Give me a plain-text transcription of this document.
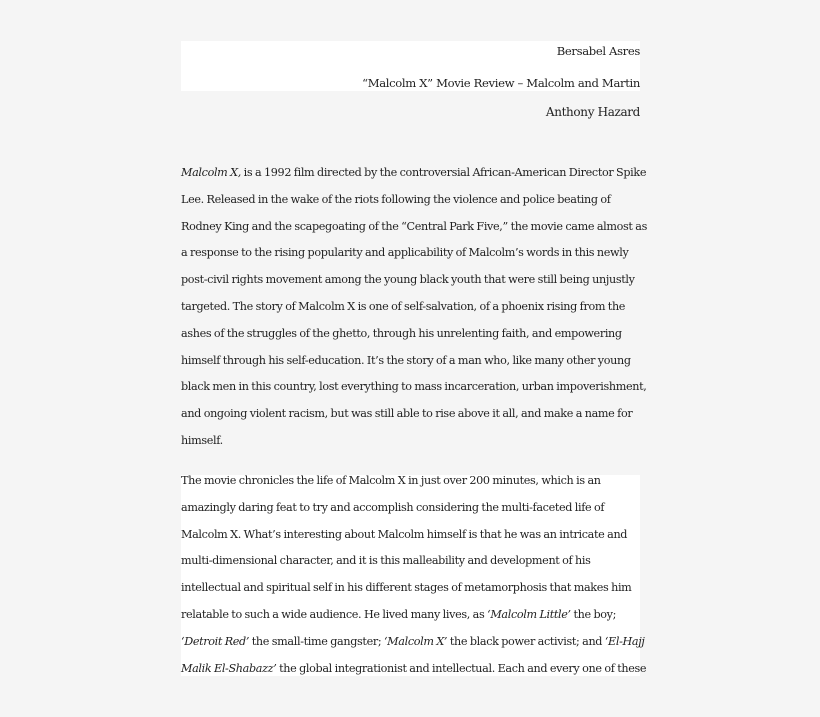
Bersabel Asres
“Malcolm X” Movie Review – Malcolm and Martin
Anthony Hazard
Malcolm X, is a 1992 film directed by the controversial African-American Director Spike
Lee. Released in the wake of the riots following the violence and police beating of
Rodney King and the scapegoating of the “Central Park Five,” the movie came almost as
a response to the rising popularity and applicability of Malcolm’s words in this newly
post-civil rights movement among the young black youth that were still being unjustly
targeted. The story of Malcolm X is one of self-salvation, of a phoenix rising from the
ashes of the struggles of the ghetto, through his unrelenting faith, and empowering
himself through his self-education. It’s the story of a man who, like many other young
black men in this country, lost everything to mass incarceration, urban impoverishment,
and ongoing violent racism, but was still able to rise above it all, and make a name for
himself.
The movie chronicles the life of Malcolm X in just over 200 minutes, which is an
amazingly daring feat to try and accomplish considering the multi-faceted life of
Malcolm X. What’s interesting about Malcolm himself is that he was an intricate and
multi-dimensional character, and it is this malleability and development of his
intellectual and spiritual self in his different stages of metamorphosis that makes him
relatable to such a wide audience. He lived many lives, as ‘Malcolm Little’ the boy;
‘Detroit Red’ the small-time gangster; ‘Malcolm X’ the black power activist; and ‘El-Hajj
Malik El-Shabazz’ the global integrationist and intellectual. Each and every one of these
